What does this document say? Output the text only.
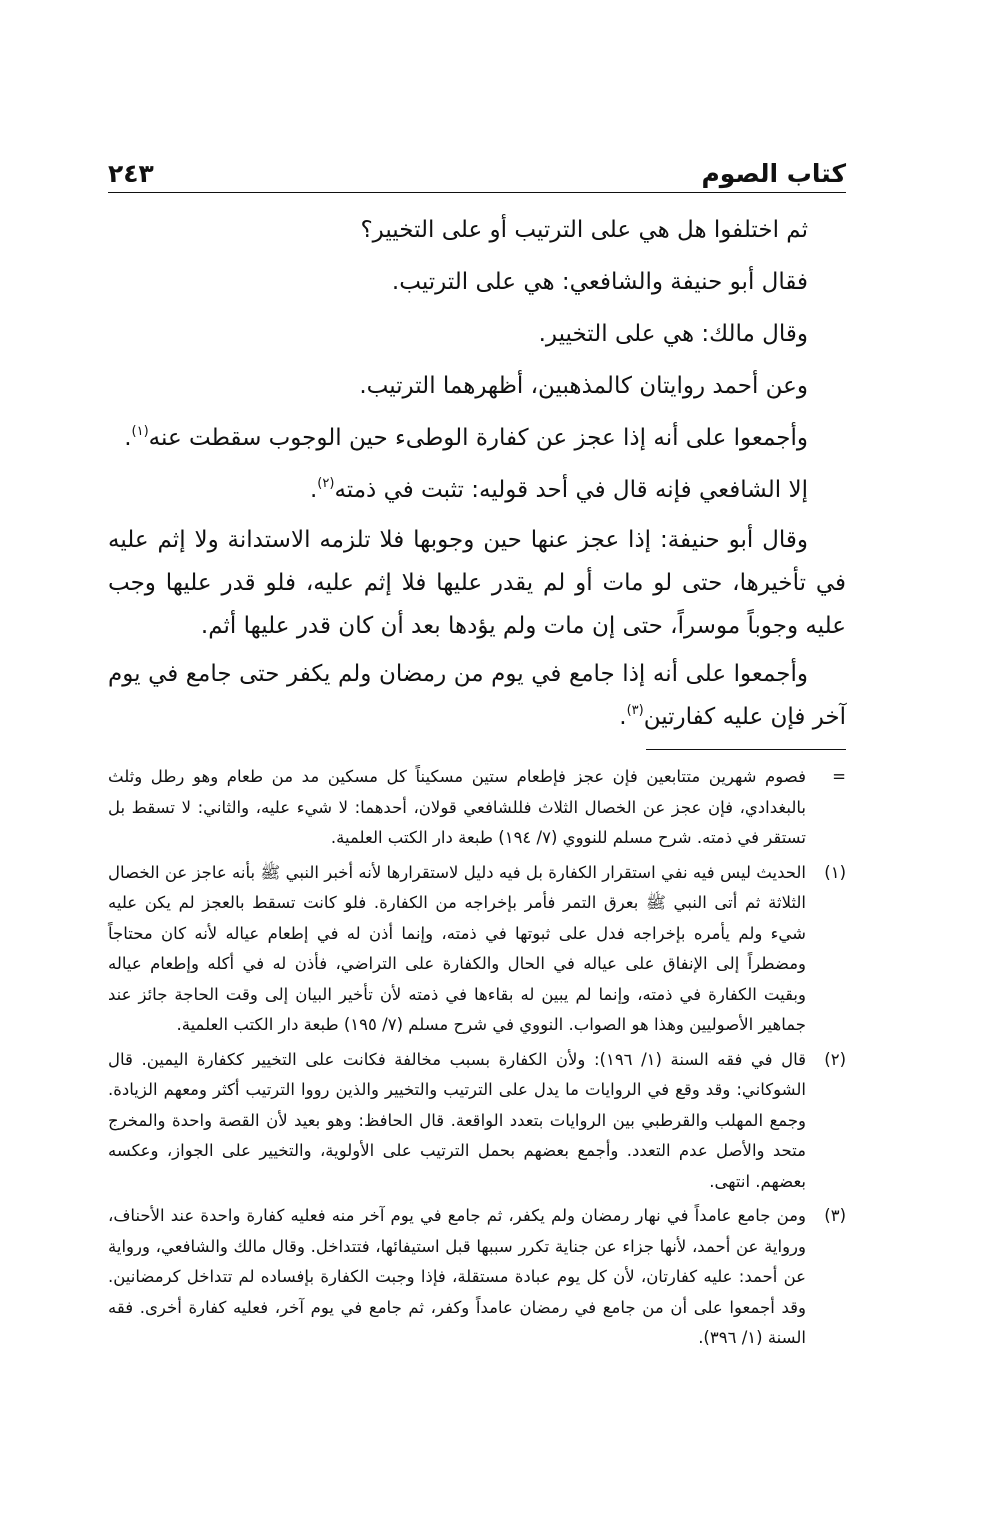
كتاب الصوم
٢٤٣

ثم اختلفوا هل هي على الترتيب أو على التخيير؟

فقال أبو حنيفة والشافعي: هي على الترتيب.

وقال مالك: هي على التخيير.

وعن أحمد روايتان كالمذهبين، أظهرهما الترتيب.

وأجمعوا على أنه إذا عجز عن كفارة الوطىء حين الوجوب سقطت عنه$^{(١)}$.

إلا الشافعي فإنه قال في أحد قوليه: تثبت في ذمته$^{(٢)}$.

وقال أبو حنيفة: إذا عجز عنها حين وجوبها فلا تلزمه الاستدانة ولا إثم عليه في تأخيرها، حتى لو مات أو لم يقدر عليها فلا إثم عليه، فلو قدر عليها وجب عليه وجوباً موسراً، حتى إن مات ولم يؤدها بعد أن كان قدر عليها أثم.

وأجمعوا على أنه إذا جامع في يوم من رمضان ولم يكفر حتى جامع في يوم آخر فإن عليه كفارتين$^{(٣)}$.

=
فصوم شهرين متتابعين فإن عجز فإطعام ستين مسكيناً كل مسكين مد من طعام وهو رطل وثلث بالبغدادي، فإن عجز عن الخصال الثلاث فللشافعي قولان، أحدهما: لا شيء عليه، والثاني: لا تسقط بل تستقر في ذمته. شرح مسلم للنووي (٧/ ١٩٤) طبعة دار الكتب العلمية.
(١)
الحديث ليس فيه نفي استقرار الكفارة بل فيه دليل لاستقرارها لأنه أخبر النبي ﷺ بأنه عاجز عن الخصال الثلاثة ثم أتى النبي ﷺ بعرق التمر فأمر بإخراجه من الكفارة. فلو كانت تسقط بالعجز لم يكن عليه شيء ولم يأمره بإخراجه فدل على ثبوتها في ذمته، وإنما أذن له في إطعام عياله لأنه كان محتاجاً ومضطراً إلى الإنفاق على عياله في الحال والكفارة على التراضي، فأذن له في أكله وإطعام عياله وبقيت الكفارة في ذمته، وإنما لم يبين له بقاءها في ذمته لأن تأخير البيان إلى وقت الحاجة جائز عند جماهير الأصوليين وهذا هو الصواب. النووي في شرح مسلم (٧/ ١٩٥) طبعة دار الكتب العلمية.
(٢)
قال في فقه السنة (١/ ١٩٦): ولأن الكفارة بسبب مخالفة فكانت على التخيير ككفارة اليمين. قال الشوكاني: وقد وقع في الروايات ما يدل على الترتيب والتخيير والذين رووا الترتيب أكثر ومعهم الزيادة. وجمع المهلب والقرطبي بين الروايات بتعدد الواقعة. قال الحافظ: وهو بعيد لأن القصة واحدة والمخرج متحد والأصل عدم التعدد. وأجمع بعضهم بحمل الترتيب على الأولوية، والتخيير على الجواز، وعكسه بعضهم. انتهى.
(٣)
ومن جامع عامداً في نهار رمضان ولم يكفر، ثم جامع في يوم آخر منه فعليه كفارة واحدة عند الأحناف، ورواية عن أحمد، لأنها جزاء عن جناية تكرر سببها قبل استيفائها، فتتداخل. وقال مالك والشافعي، ورواية عن أحمد: عليه كفارتان، لأن كل يوم عبادة مستقلة، فإذا وجبت الكفارة بإفساده لم تتداخل كرمضانين. وقد أجمعوا على أن من جامع في رمضان عامداً وكفر، ثم جامع في يوم آخر، فعليه كفارة أخرى. فقه السنة (١/ ٣٩٦).
